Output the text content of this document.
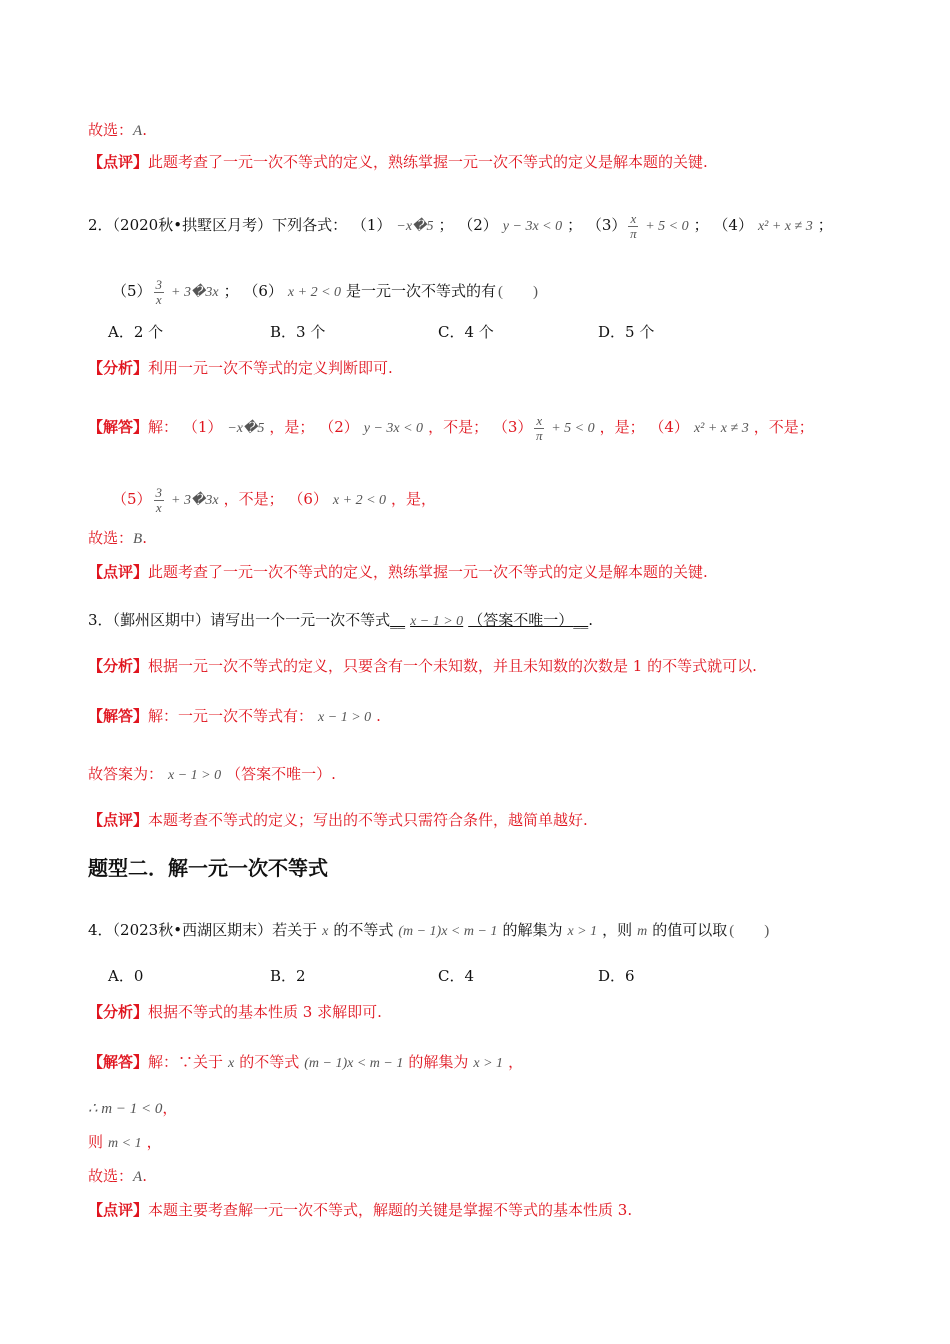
故选：A.
【点评】此题考查了一元一次不等式的定义，熟练掌握一元一次不等式的定义是解本题的关键.
2．（2020秋•拱墅区月考）下列各式： （1） −x�5 ； （2） y − 3x < 0 ； $(3) \frac{x}{\pi} + 5 < 0$ ； （4） x² + x ≠ 3 ；
$(5) \frac{3}{x}$ + 3�3x ； （6） x + 2 < 0 是一元一次不等式的有 (　　)
A．2 个	B．3 个	C．4 个	D．5 个
【分析】利用一元一次不等式的定义判断即可.
【解答】解： （1） −x�5 ，是； （2） y − 3x < 0 ，不是； $(3) \frac{x}{\pi} + 5 < 0$ ，是； （4） x² + x ≠ 3 ，不是；
$(5) \frac{3}{x}$ + 3�3x ，不是； （6） x + 2 < 0 ，是，
故选：B.
【点评】此题考查了一元一次不等式的定义，熟练掌握一元一次不等式的定义是解本题的关键.
3．（鄞州区期中）请写出一个一元一次不等式__ x − 1 > 0 （答案不唯一）__.
【分析】根据一元一次不等式的定义，只要含有一个未知数，并且未知数的次数是 1 的不等式就可以.
【解答】解：一元一次不等式有： x − 1 > 0 .
故答案为： x − 1 > 0 （答案不唯一）.
【点评】本题考查不等式的定义；写出的不等式只需符合条件，越简单越好.
题型二．解一元一次不等式
4．（2023秋•西湖区期末）若关于 x 的不等式 (m − 1)x < m − 1 的解集为 x > 1 ，则 m 的值可以取 (　　)
A．0	B．2	C．4	D．6
【分析】根据不等式的基本性质 3 求解即可.
【解答】解：∵关于 x 的不等式 (m − 1)x < m − 1 的解集为 x > 1 ，
∴ m − 1 < 0，
则 m < 1 ，
故选：A.
【点评】本题主要考查解一元一次不等式，解题的关键是掌握不等式的基本性质 3.
